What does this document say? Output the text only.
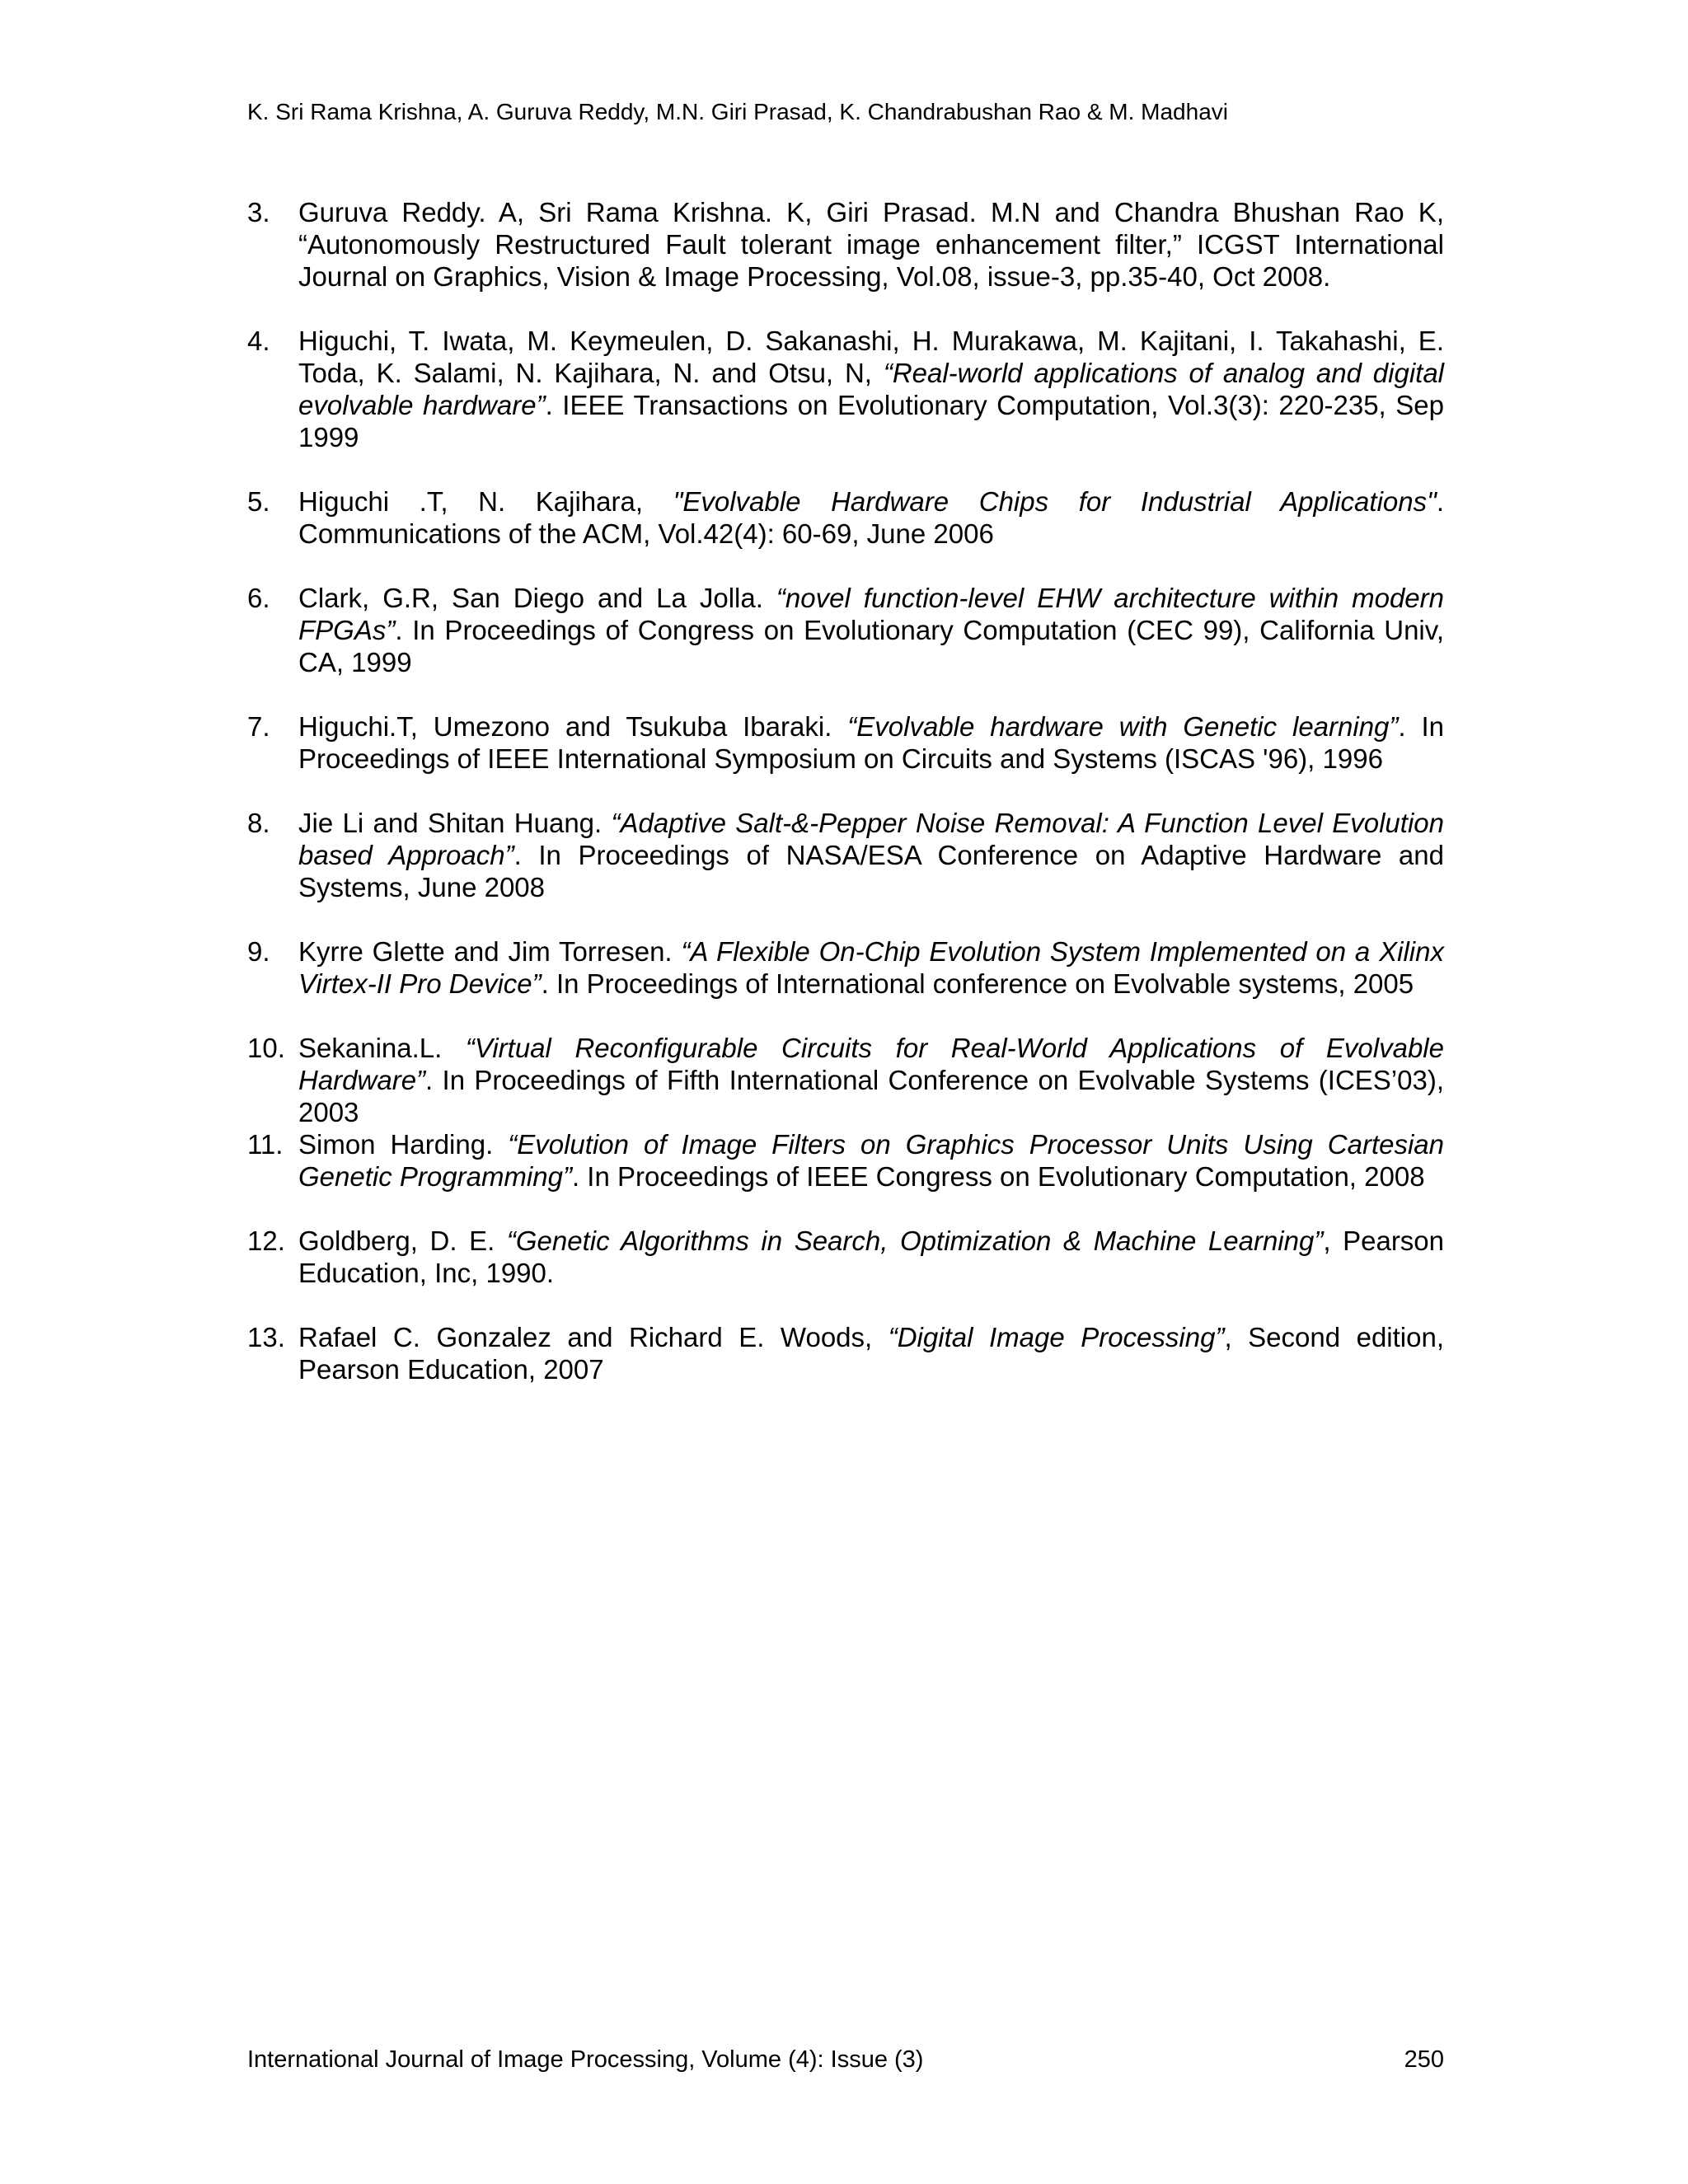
K. Sri Rama Krishna, A. Guruva Reddy, M.N. Giri Prasad, K. Chandrabushan Rao & M. Madhavi
3. Guruva Reddy. A, Sri Rama Krishna. K, Giri Prasad. M.N and Chandra Bhushan Rao K, “Autonomously Restructured Fault tolerant image enhancement filter,” ICGST International Journal on Graphics, Vision & Image Processing, Vol.08, issue-3, pp.35-40, Oct 2008.
4. Higuchi, T. Iwata, M. Keymeulen, D. Sakanashi, H. Murakawa, M. Kajitani, I. Takahashi, E. Toda, K. Salami, N. Kajihara, N. and Otsu, N, “Real-world applications of analog and digital evolvable hardware”. IEEE Transactions on Evolutionary Computation, Vol.3(3): 220-235, Sep 1999
5. Higuchi .T, N. Kajihara, "Evolvable Hardware Chips for Industrial Applications". Communications of the ACM, Vol.42(4): 60-69, June 2006
6. Clark, G.R, San Diego and La Jolla. “novel function-level EHW architecture within modern FPGAs”. In Proceedings of Congress on Evolutionary Computation (CEC 99), California Univ, CA, 1999
7. Higuchi.T, Umezono and Tsukuba Ibaraki. “Evolvable hardware with Genetic learning”. In Proceedings of IEEE International Symposium on Circuits and Systems (ISCAS '96), 1996
8. Jie Li and Shitan Huang. “Adaptive Salt-&-Pepper Noise Removal: A Function Level Evolution based Approach”. In Proceedings of NASA/ESA Conference on Adaptive Hardware and Systems, June 2008
9. Kyrre Glette and Jim Torresen. “A Flexible On-Chip Evolution System Implemented on a Xilinx Virtex-II Pro Device”. In Proceedings of International conference on Evolvable systems, 2005
10. Sekanina.L. “Virtual Reconfigurable Circuits for Real-World Applications of Evolvable Hardware”. In Proceedings of Fifth International Conference on Evolvable Systems (ICES’03), 2003
11. Simon Harding. “Evolution of Image Filters on Graphics Processor Units Using Cartesian Genetic Programming”. In Proceedings of IEEE Congress on Evolutionary Computation, 2008
12. Goldberg, D. E. “Genetic Algorithms in Search, Optimization & Machine Learning”, Pearson Education, Inc, 1990.
13. Rafael C. Gonzalez and Richard E. Woods, “Digital Image Processing”, Second edition, Pearson Education, 2007
International Journal of Image Processing, Volume (4): Issue (3)	250
